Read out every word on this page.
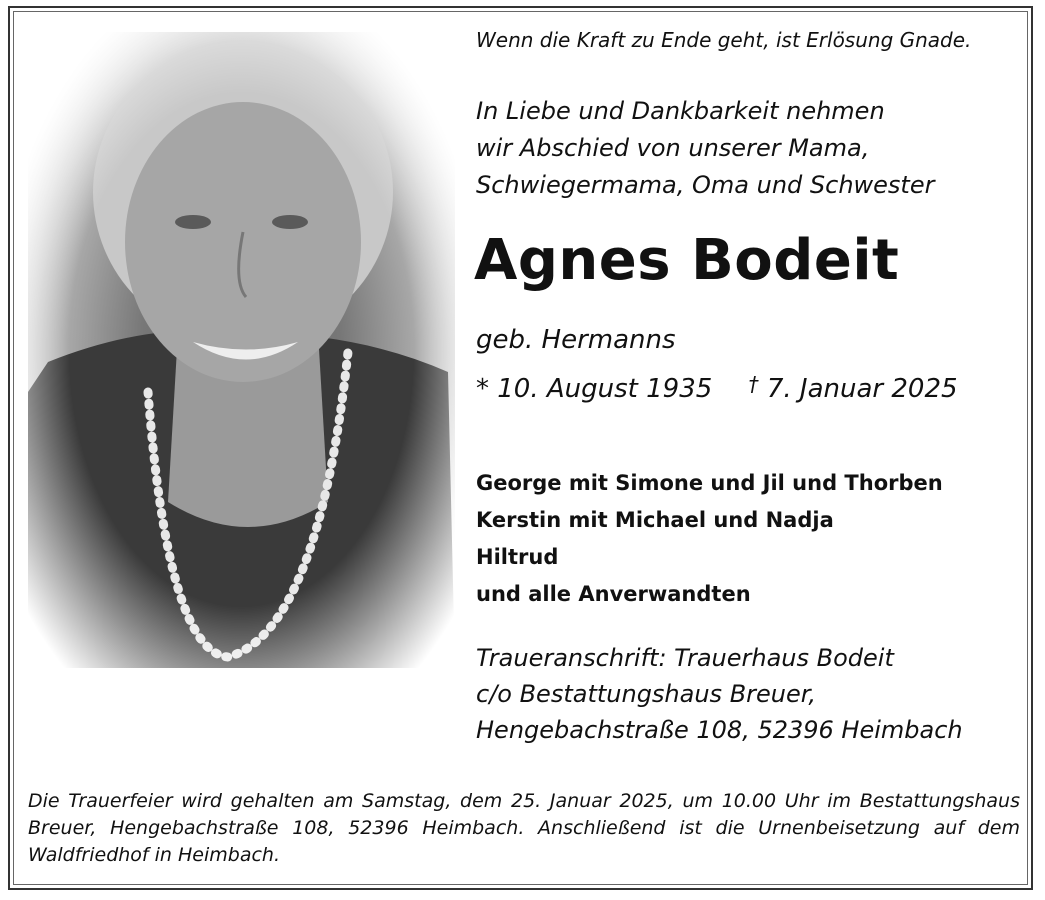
Wenn die Kraft zu Ende geht, ist Erlösung Gnade.
In Liebe und Dankbarkeit nehmen
wir Abschied von unserer Mama,
Schwiegermama, Oma und Schwester
Agnes Bodeit
geb. Hermanns
* 10. August 1935 † 7. Januar 2025
George mit Simone und Jil und Thorben
Kerstin mit Michael und Nadja
Hiltrud
und alle Anverwandten
Traueranschrift: Trauerhaus Bodeit
c/o Bestattungshaus Breuer,
Hengebachstraße 108, 52396 Heimbach
Die Trauerfeier wird gehalten am Samstag, dem 25. Januar 2025, um 10.00 Uhr im Bestattungshaus Breuer, Hengebachstraße 108, 52396 Heimbach. Anschließend ist die Urnenbeisetzung auf dem Waldfriedhof in Heimbach.
